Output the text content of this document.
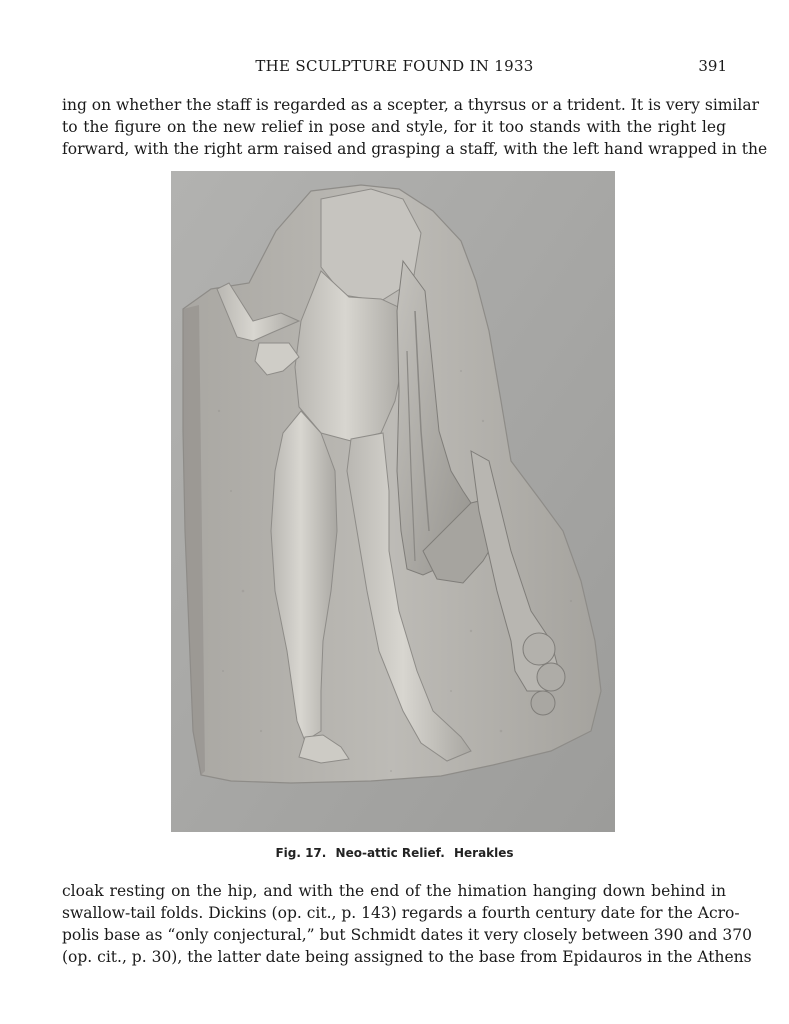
THE SCULPTURE FOUND IN 1933	391

ing on whether the staff is regarded as a scepter, a thyrsus or a trident. It is very similar
to the figure on the new relief in pose and style, for it too stands with the right leg
forward, with the right arm raised and grasping a staff, with the left hand wrapped in the

Fig. 17. Neo-attic Relief. Herakles

cloak resting on the hip, and with the end of the himation hanging down behind in
swallow-tail folds. Dickins (op. cit., p. 143) regards a fourth century date for the Acro-
polis base as “only conjectural,” but Schmidt dates it very closely between 390 and 370
(op. cit., p. 30), the latter date being assigned to the base from Epidauros in the Athens
